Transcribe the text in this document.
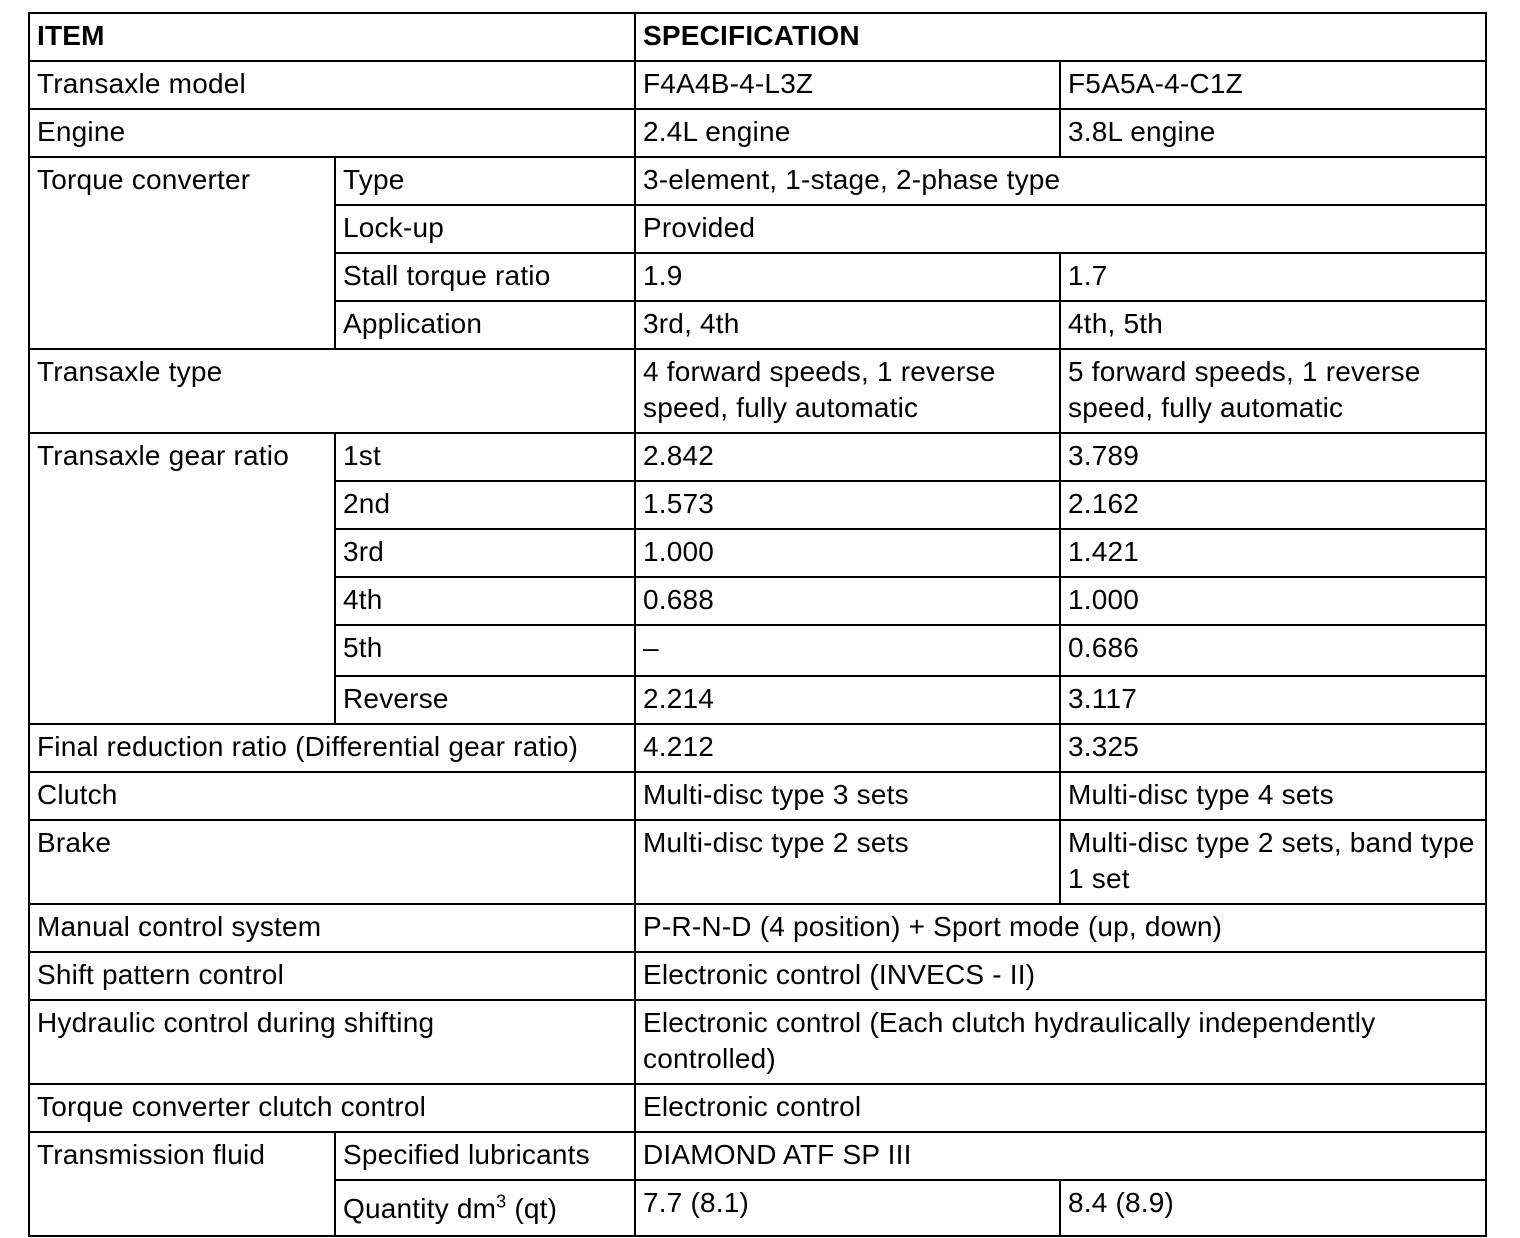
ITEM		SPECIFICATION	
Transaxle model		F4A4B-4-L3Z	F5A5A-4-C1Z
Engine		2.4L engine	3.8L engine
Torque converter	Type	3-element, 1-stage, 2-phase type	
	Lock-up	Provided	
	Stall torque ratio	1.9	1.7
	Application	3rd, 4th	4th, 5th
Transaxle type		4 forward speeds, 1 reverse speed, fully automatic	5 forward speeds, 1 reverse speed, fully automatic
Transaxle gear ratio	1st	2.842	3.789
	2nd	1.573	2.162
	3rd	1.000	1.421
	4th	0.688	1.000
	5th	–	0.686
	Reverse	2.214	3.117
Final reduction ratio (Differential gear ratio)		4.212	3.325
Clutch		Multi-disc type 3 sets	Multi-disc type 4 sets
Brake		Multi-disc type 2 sets	Multi-disc type 2 sets, band type 1 set
Manual control system		P-R-N-D (4 position) + Sport mode (up, down)	
Shift pattern control		Electronic control (INVECS - II)	
Hydraulic control during shifting		Electronic control (Each clutch hydraulically independently controlled)	
Torque converter clutch control		Electronic control	
Transmission fluid	Specified lubricants	DIAMOND ATF SP III	
	Quantity $dm^3$ (qt)	7.7 (8.1)	8.4 (8.9)
